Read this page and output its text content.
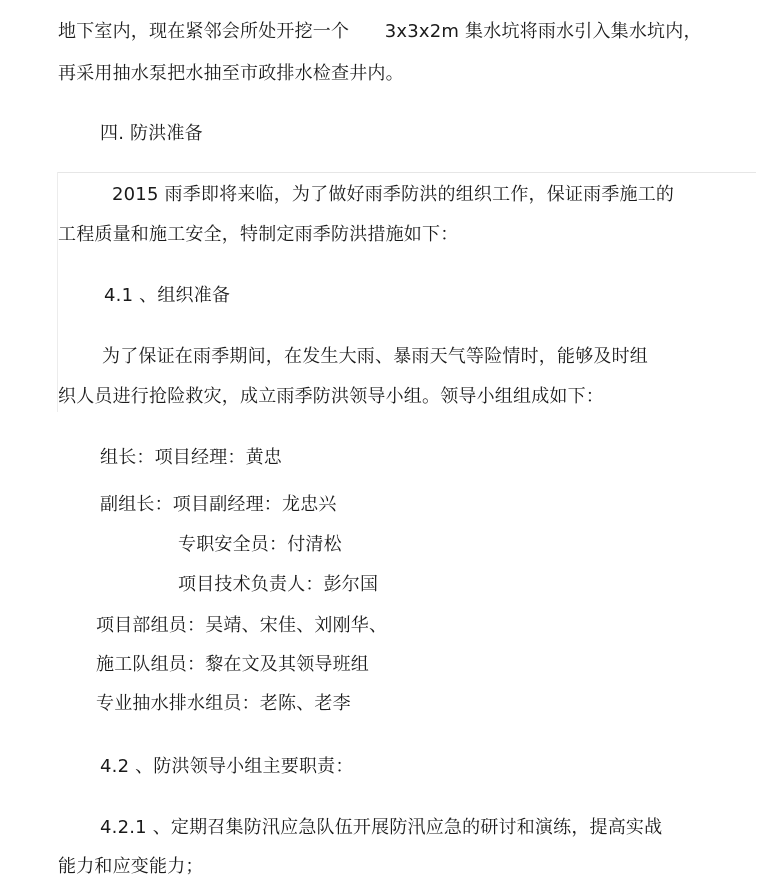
地下室内，现在紧邻会所处开挖一个      3x3x2m 集水坑将雨水引入集水坑内，
再采用抽水泵把水抽至市政排水检查井内。
四. 防洪准备
2015 雨季即将来临，为了做好雨季防洪的组织工作，保证雨季施工的
工程质量和施工安全，特制定雨季防洪措施如下：
4.1 、组织准备
为了保证在雨季期间，在发生大雨、暴雨天气等险情时，能够及时组
织人员进行抢险救灾，成立雨季防洪领导小组。领导小组组成如下：
组长：项目经理：黄忠
副组长：项目副经理：龙忠兴
专职安全员：付清松
项目技术负责人：彭尔国
项目部组员：吴靖、宋佳、刘刚华、
施工队组员：黎在文及其领导班组
专业抽水排水组员：老陈、老李
4.2 、防洪领导小组主要职责：
4.2.1 、定期召集防汛应急队伍开展防汛应急的研讨和演练，提高实战
能力和应变能力；
